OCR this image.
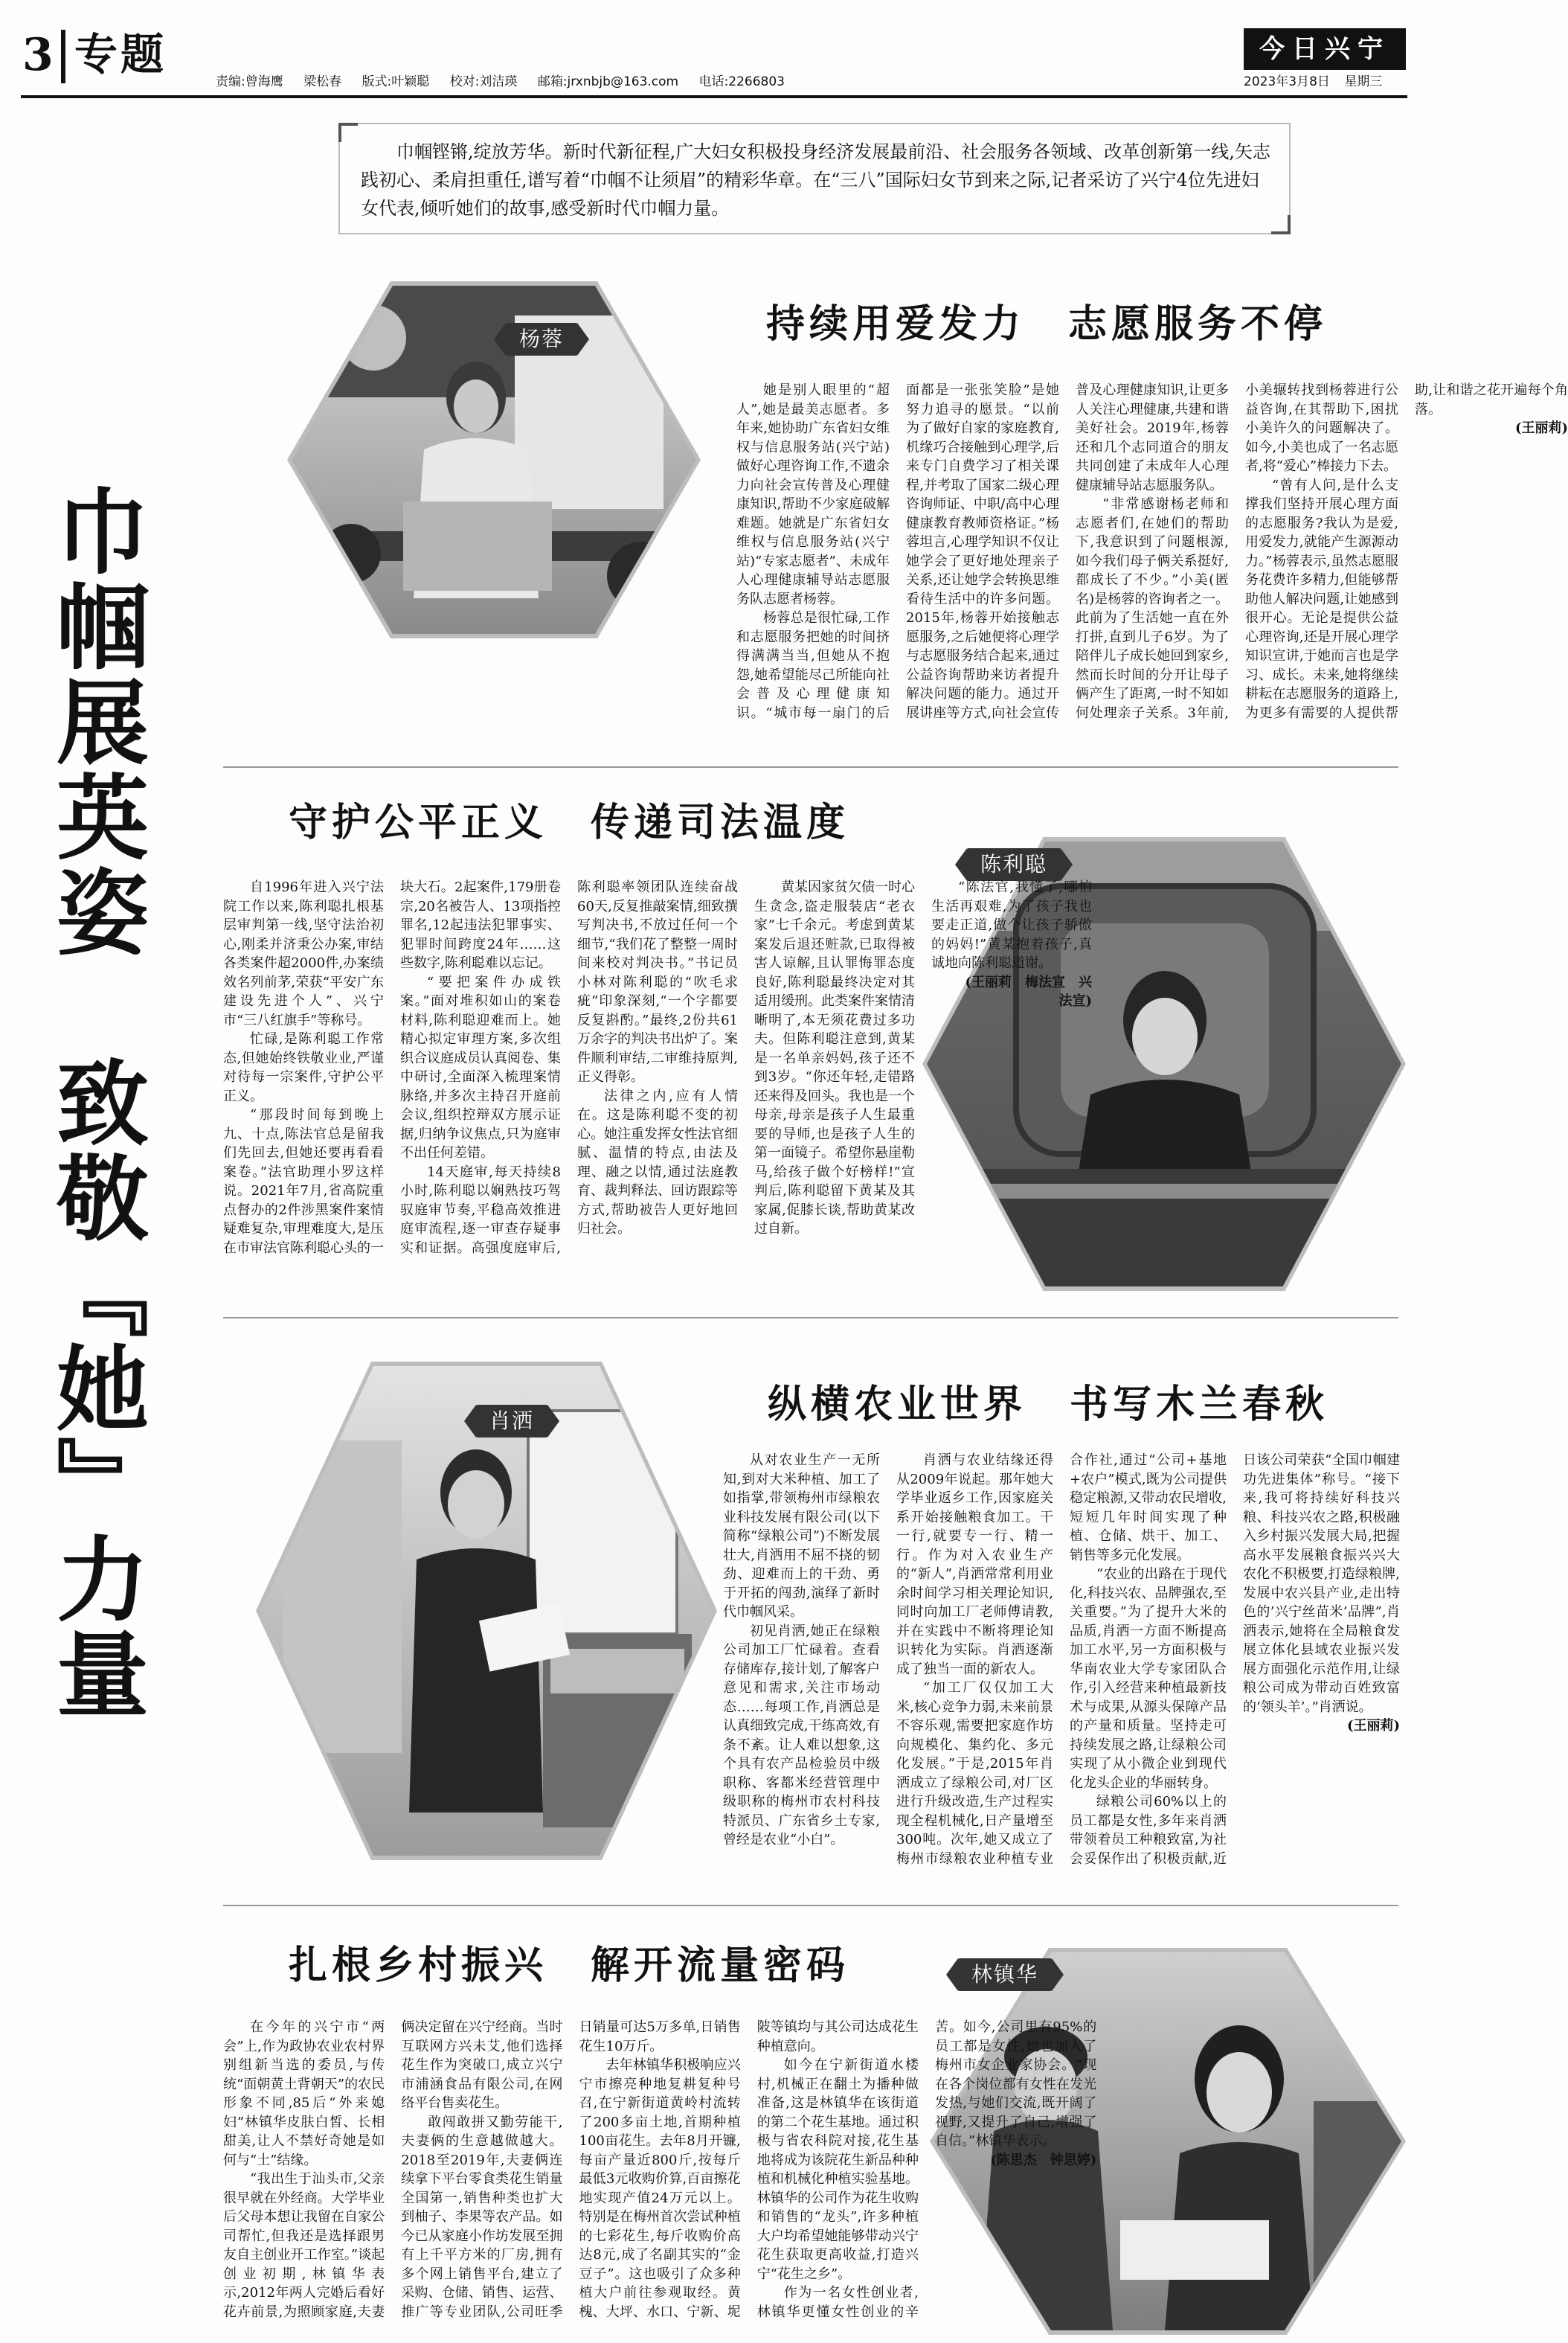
3 专题
责编:曾海鹰 梁松春 版式:叶颖聪 校对:刘洁瑛 邮箱:jrxnbjb@163.com 电话:2266803
今日兴宁
2023年3月8日 星期三
巾帼铿锵,绽放芳华。新时代新征程,广大妇女积极投身经济发展最前沿、社会服务各领域、改革创新第一线,矢志践初心、柔肩担重任,谱写着“巾帼不让须眉”的精彩华章。在“三八”国际妇女节到来之际,记者采访了兴宁4位先进妇女代表,倾听她们的故事,感受新时代巾帼力量。
巾帼展英姿　致敬『她』力量
杨蓉	持续用爱发力　志愿服务不停

她是别人眼里的“超人”,她是最美志愿者。多年来,她协助广东省妇女维权与信息服务站(兴宁站)做好心理咨询工作,不遗余力向社会宣传普及心理健康知识,帮助不少家庭破解难题。她就是广东省妇女维权与信息服务站(兴宁站)“专家志愿者”、未成年人心理健康辅导站志愿服务队志愿者杨蓉。

杨蓉总是很忙碌,工作和志愿服务把她的时间挤得满满当当,但她从不抱怨,她希望能尽己所能向社会普及心理健康知识。“城市每一扇门的后面都是一张张笑脸”是她努力追寻的愿景。“以前为了做好自家的家庭教育,机缘巧合接触到心理学,后来专门自费学习了相关课程,并考取了国家二级心理咨询师证、中职/高中心理健康教育教师资格证。”杨蓉坦言,心理学知识不仅让她学会了更好地处理亲子关系,还让她学会转换思维看待生活中的许多问题。2015年,杨蓉开始接触志愿服务,之后她便将心理学与志愿服务结合起来,通过公益咨询帮助来访者提升解决问题的能力。通过开展讲座等方式,向社会宣传普及心理健康知识,让更多人关注心理健康,共建和谐美好社会。2019年,杨蓉还和几个志同道合的朋友共同创建了未成年人心理健康辅导站志愿服务队。

“非常感谢杨老师和志愿者们,在她们的帮助下,我意识到了问题根源,如今我们母子俩关系挺好,都成长了不少。”小美(匿名)是杨蓉的咨询者之一。此前为了生活她一直在外打拼,直到儿子6岁。为了陪伴儿子成长她回到家乡,然而长时间的分开让母子俩产生了距离,一时不知如何处理亲子关系。3年前,小美辗转找到杨蓉进行公益咨询,在其帮助下,困扰小美许久的问题解决了。如今,小美也成了一名志愿者,将“爱心”棒接力下去。

“曾有人问,是什么支撑我们坚持开展心理方面的志愿服务?我认为是爱,用爱发力,就能产生源源动力。”杨蓉表示,虽然志愿服务花费许多精力,但能够帮助他人解决问题,让她感到很开心。无论是提供公益心理咨询,还是开展心理学知识宣讲,于她而言也是学习、成长。未来,她将继续耕耘在志愿服务的道路上,为更多有需要的人提供帮助,让和谐之花开遍每个角落。

(王丽莉)

守护公平正义　传递司法温度
陈利聪

自1996年进入兴宁法院工作以来,陈利聪扎根基层审判第一线,坚守法治初心,刚柔并济秉公办案,审结各类案件超2000件,办案绩效名列前茅,荣获“平安广东建设先进个人”、兴宁市“三八红旗手”等称号。

忙碌,是陈利聪工作常态,但她始终铁敬业业,严谨对待每一宗案件,守护公平正义。

“那段时间每到晚上九、十点,陈法官总是留我们先回去,但她还要再看看案卷。”法官助理小罗这样说。2021年7月,省高院重点督办的2件涉黑案件案情疑难复杂,审理难度大,是压在市审法官陈利聪心头的一块大石。2起案件,179册卷宗,20名被告人、13项指控罪名,12起违法犯罪事实、犯罪时间跨度24年……这些数字,陈利聪难以忘记。

“要把案件办成铁案。”面对堆积如山的案卷材料,陈利聪迎难而上。她精心拟定审理方案,多次组织合议庭成员认真阅卷、集中研讨,全面深入梳理案情脉络,并多次主持召开庭前会议,组织控辩双方展示证据,归纳争议焦点,只为庭审不出任何差错。

14天庭审,每天持续8小时,陈利聪以娴熟技巧驾驭庭审节奏,平稳高效推进庭审流程,逐一审查存疑事实和证据。高强度庭审后,陈利聪率领团队连续奋战60天,反复推敲案情,细致撰写判决书,不放过任何一个细节,“我们花了整整一周时间来校对判决书。”书记员小林对陈利聪的“吹毛求疵”印象深刻,“一个字都要反复斟酌。”最终,2份共61万余字的判决书出炉了。案件顺利审结,二审维持原判,正义得彰。

法律之内,应有人情在。这是陈利聪不变的初心。她注重发挥女性法官细腻、温情的特点,由法及理、融之以情,通过法庭教育、裁判释法、回访跟踪等方式,帮助被告人更好地回归社会。

黄某因家贫欠债一时心生贪念,盗走服装店“老衣家”七千余元。考虑到黄某案发后退还赃款,已取得被害人谅解,且认罪悔罪态度良好,陈利聪最终决定对其适用缓刑。此类案件案情清晰明了,本无须花费过多功夫。但陈利聪注意到,黄某是一名单亲妈妈,孩子还不到3岁。“你还年轻,走错路还来得及回头。我也是一个母亲,母亲是孩子人生最重要的导师,也是孩子人生的第一面镜子。希望你悬崖勒马,给孩子做个好榜样!”宣判后,陈利聪留下黄某及其家属,促膝长谈,帮助黄某改过自新。

“陈法官,我懂了,哪怕生活再艰难,为了孩子我也要走正道,做个让孩子骄傲的妈妈!”黄某抱着孩子,真诚地向陈利聪道谢。

(王丽莉　梅法宣　兴法宣)

肖洒	纵横农业世界　书写木兰春秋

从对农业生产一无所知,到对大米种植、加工了如指掌,带领梅州市绿粮农业科技发展有限公司(以下简称“绿粮公司”)不断发展壮大,肖洒用不屈不挠的韧劲、迎难而上的干劲、勇于开拓的闯劲,演绎了新时代巾帼风采。

初见肖洒,她正在绿粮公司加工厂忙碌着。查看存储库存,接计划,了解客户意见和需求,关注市场动态……每项工作,肖洒总是认真细致完成,干练高效,有条不紊。让人难以想象,这个具有农产品检验员中级职称、客都米经营管理中级职称的梅州市农村科技特派员、广东省乡土专家,曾经是农业“小白”。

肖洒与农业结缘还得从2009年说起。那年她大学毕业返乡工作,因家庭关系开始接触粮食加工。干一行,就要专一行、精一行。作为对入农业生产的“新人”,肖洒常常利用业余时间学习相关理论知识,同时向加工厂老师傅请教,并在实践中不断将理论知识转化为实际。肖洒逐渐成了独当一面的新农人。

“加工厂仅仅加工大米,核心竞争力弱,未来前景不容乐观,需要把家庭作坊向规模化、集约化、多元化发展。”于是,2015年肖洒成立了绿粮公司,对厂区进行升级改造,生产过程实现全程机械化,日产量增至300吨。次年,她又成立了梅州市绿粮农业种植专业合作社,通过“公司+基地+农户”模式,既为公司提供稳定粮源,又带动农民增收,短短几年时间实现了种植、仓储、烘干、加工、销售等多元化发展。

“农业的出路在于现代化,科技兴农、品牌强农,至关重要。”为了提升大米的品质,肖洒一方面不断提高加工水平,另一方面积极与华南农业大学专家团队合作,引入经营来种植最新技术与成果,从源头保障产品的产量和质量。坚持走可持续发展之路,让绿粮公司实现了从小微企业到现代化龙头企业的华丽转身。

绿粮公司60%以上的员工都是女性,多年来肖洒带领着员工种粮致富,为社会妥保作出了积极贡献,近日该公司荣获“全国巾帼建功先进集体”称号。“接下来,我可将持续好科技兴粮、科技兴农之路,积极融入乡村振兴发展大局,把握高水平发展粮食振兴兴大农化不积极要,打造绿粮牌,发展中农兴县产业,走出特色的’兴宁丝苗米’品牌”,肖洒表示,她将在全局粮食发展立体化县域农业振兴发展方面强化示范作用,让绿粮公司成为带动百姓致富的‘领头羊’。”肖洒说。

(王丽莉)

扎根乡村振兴　解开流量密码	林镇华

在今年的兴宁市“两会”上,作为政协农业农村界别组新当选的委员,与传统“面朝黄土背朝天”的农民形象不同,85后“外来媳妇”林镇华皮肤白皙、长相甜美,让人不禁好奇她是如何与“土”结缘。

“我出生于汕头市,父亲很早就在外经商。大学毕业后父母本想让我留在自家公司帮忙,但我还是选择跟男友自主创业开工作室。”谈起创业初期,林镇华表示,2012年两人完婚后看好花卉前景,为照顾家庭,夫妻俩决定留在兴宁经商。当时互联网方兴未艾,他们选择花生作为突破口,成立兴宁市浦涵食品有限公司,在网络平台售卖花生。

敢闯敢拼又勤劳能干,夫妻俩的生意越做越大。2018至2019年,夫妻俩连续拿下平台零食类花生销量全国第一,销售种类也扩大到柚子、李果等农产品。如今已从家庭小作坊发展至拥有上千平方米的厂房,拥有多个网上销售平台,建立了采购、仓储、销售、运营、推广等专业团队,公司旺季日销量可达5万多单,日销售花生10万斤。

去年林镇华积极响应兴宁市擦亮种地复耕复种号召,在宁新街道黄岭村流转了200多亩土地,首期种植100亩花生。去年8月开镰,每亩产量近800斤,按每斤最低3元收购价算,百亩擦花地实现产值24万元以上。特别是在梅州首次尝试种植的七彩花生,每斤收购价高达8元,成了名副其实的“金豆子”。这也吸引了众多种植大户前往参观取经。黄槐、大坪、水口、宁新、坭陂等镇均与其公司达成花生种植意向。

如今在宁新街道水楼村,机械正在翻土为播种做准备,这是林镇华在该街道的第二个花生基地。通过积极与省农科院对接,花生基地将成为该院花生新品种种植和机械化种植实验基地。林镇华的公司作为花生收购和销售的“龙头”,许多种植大户均希望她能够带动兴宁花生获取更高收益,打造兴宁“花生之乡”。

作为一名女性创业者,林镇华更懂女性创业的辛苦。如今,公司里有95%的员工都是女性,她也加入了梅州市女企业家协会。“现在各个岗位都有女性在发光发热,与她们交流,既开阔了视野,又提升了自己,增强了自信。”林镇华表示。

(陈思杰　钟思婷)
